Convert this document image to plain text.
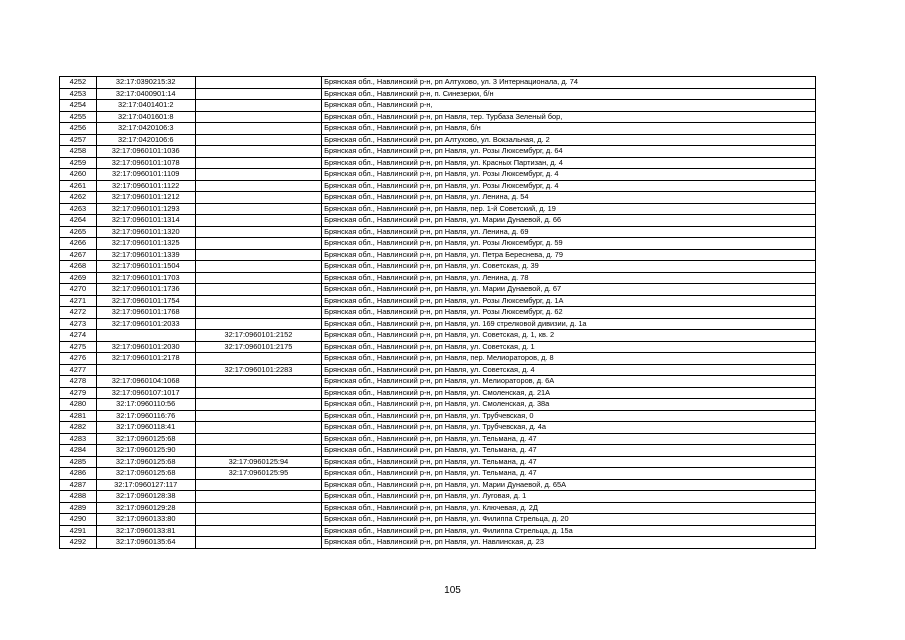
4252	32:17:0390215:32		Брянская обл., Навлинский р-н, рп Алтухово, ул. 3 Интернационала, д. 74
4253	32:17:0400901:14		Брянская обл., Навлинский р-н, п. Синезерки, б/н
4254	32:17:0401401:2		Брянская обл., Навлинский р-н,
4255	32:17:0401601:8		Брянская обл., Навлинский р-н, рп Навля, тер. Турбаза Зеленый бор,
4256	32:17:0420106:3		Брянская обл., Навлинский р-н, рп Навля, б/н
4257	32:17:0420106:6		Брянская обл., Навлинский р-н, рп Алтухово, ул. Вокзальная, д. 2
4258	32:17:0960101:1036		Брянская обл., Навлинский р-н, рп Навля, ул. Розы Люксембург, д. 64
4259	32:17:0960101:1078		Брянская обл., Навлинский р-н, рп Навля, ул. Красных Партизан, д. 4
4260	32:17:0960101:1109		Брянская обл., Навлинский р-н, рп Навля, ул. Розы Люксембург, д. 4
4261	32:17:0960101:1122		Брянская обл., Навлинский р-н, рп Навля, ул. Розы Люксембург, д. 4
4262	32:17:0960101:1212		Брянская обл., Навлинский р-н, рп Навля, ул. Ленина, д. 54
4263	32:17:0960101:1293		Брянская обл., Навлинский р-н, рп Навля, пер. 1-й Советский, д. 19
4264	32:17:0960101:1314		Брянская обл., Навлинский р-н, рп Навля, ул. Марии Дунаевой, д. 66
4265	32:17:0960101:1320		Брянская обл., Навлинский р-н, рп Навля, ул. Ленина, д. 69
4266	32:17:0960101:1325		Брянская обл., Навлинский р-н, рп Навля, ул. Розы Люксембург, д. 59
4267	32:17:0960101:1339		Брянская обл., Навлинский р-н, рп Навля, ул. Петра Береснева, д. 79
4268	32:17:0960101:1504		Брянская обл., Навлинский р-н, рп Навля, ул. Советская, д. 39
4269	32:17:0960101:1703		Брянская обл., Навлинский р-н, рп Навля, ул. Ленина, д. 78
4270	32:17:0960101:1736		Брянская обл., Навлинский р-н, рп Навля, ул. Марии Дунаевой, д. 67
4271	32:17:0960101:1754		Брянская обл., Навлинский р-н, рп Навля, ул. Розы Люксембург, д. 1А
4272	32:17:0960101:1768		Брянская обл., Навлинский р-н, рп Навля, ул. Розы Люксембург, д. 62
4273	32:17:0960101:2033		Брянская обл., Навлинский р-н, рп Навля, ул. 169 стрелковой дивизии, д. 1а
4274		32:17:0960101:2152	Брянская обл., Навлинский р-н, рп Навля, ул. Советская, д. 1, кв. 2
4275	32:17:0960101:2030	32:17:0960101:2175	Брянская обл., Навлинский р-н, рп Навля, ул. Советская, д. 1
4276	32:17:0960101:2178		Брянская обл., Навлинский р-н, рп Навля, пер. Мелиораторов, д. 8
4277		32:17:0960101:2283	Брянская обл., Навлинский р-н, рп Навля, ул. Советская, д. 4
4278	32:17:0960104:1068		Брянская обл., Навлинский р-н, рп Навля, ул. Мелиораторов, д. 6А
4279	32:17:0960107:1017		Брянская обл., Навлинский р-н, рп Навля, ул. Смоленская, д. 21А
4280	32:17:0960110:56		Брянская обл., Навлинский р-н, рп Навля, ул. Смоленская, д. 38а
4281	32:17:0960116:76		Брянская обл., Навлинский р-н, рп Навля, ул. Трубчевская, 0
4282	32:17:0960118:41		Брянская обл., Навлинский р-н, рп Навля, ул. Трубчевская, д. 4а
4283	32:17:0960125:68		Брянская обл., Навлинский р-н, рп Навля, ул. Тельмана, д. 47
4284	32:17:0960125:90		Брянская обл., Навлинский р-н, рп Навля, ул. Тельмана, д. 47
4285	32:17:0960125:68	32:17:0960125:94	Брянская обл., Навлинский р-н, рп Навля, ул. Тельмана, д. 47
4286	32:17:0960125:68	32:17:0960125:95	Брянская обл., Навлинский р-н, рп Навля, ул. Тельмана, д. 47
4287	32:17:0960127:117		Брянская обл., Навлинский р-н, рп Навля, ул. Марии Дунаевой, д. 65А
4288	32:17:0960128:38		Брянская обл., Навлинский р-н, рп Навля, ул. Луговая, д. 1
4289	32:17:0960129:28		Брянская обл., Навлинский р-н, рп Навля, ул. Ключевая, д. 2Д
4290	32:17:0960133:80		Брянская обл., Навлинский р-н, рп Навля, ул. Филиппа Стрельца, д. 20
4291	32:17:0960133:81		Брянская обл., Навлинский р-н, рп Навля, ул. Филиппа Стрельца, д. 15а
4292	32:17:0960135:64		Брянская обл., Навлинский р-н, рп Навля, ул. Навлинская, д. 23
105
